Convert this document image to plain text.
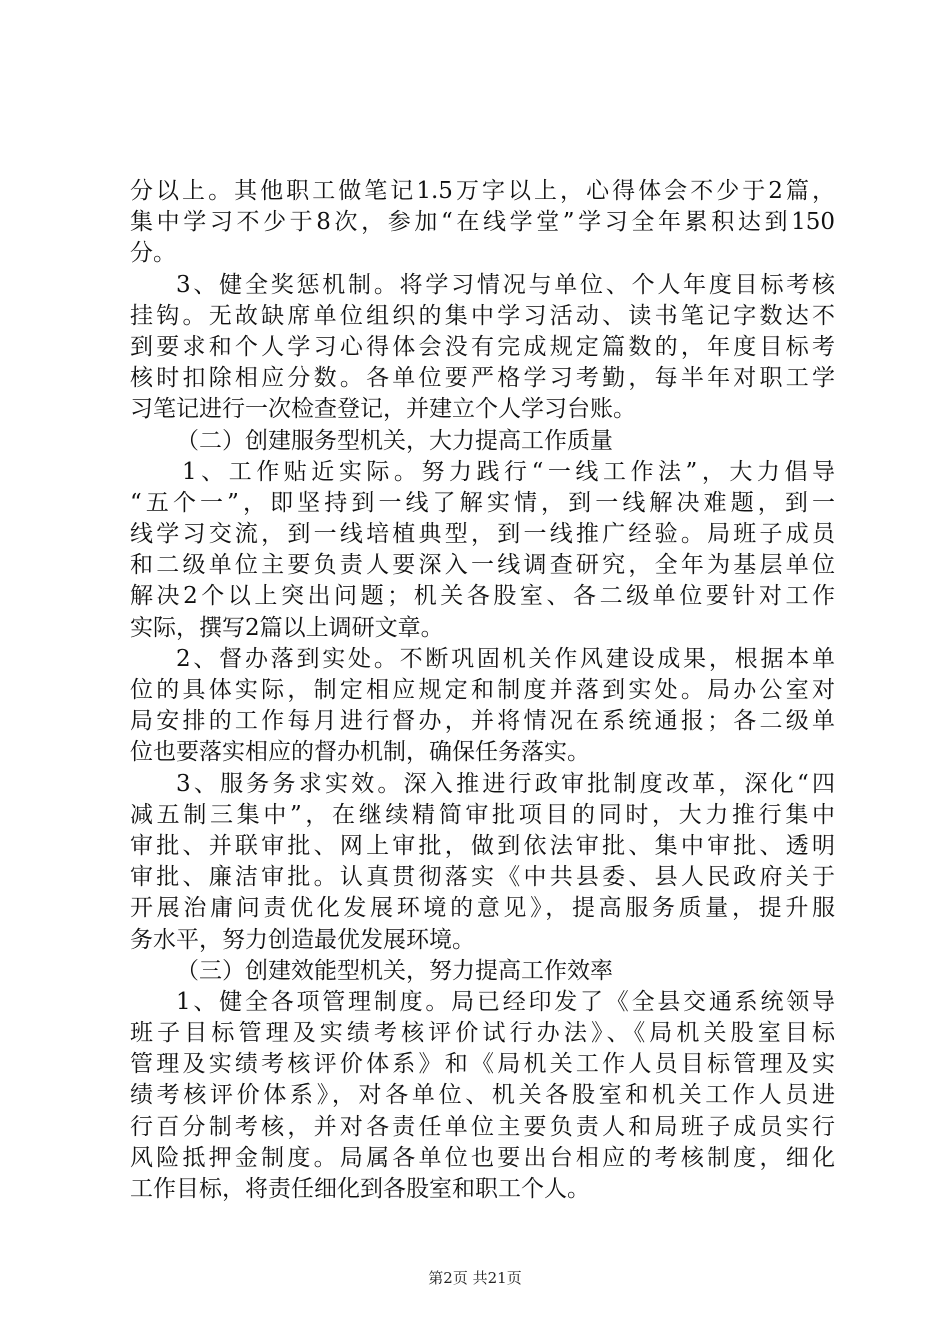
分以上。其他职工做笔记1.5万字以上，心得体会不少于2篇，
集中学习不少于8次，参加“在线学堂”学习全年累积达到150
分。
3、健全奖惩机制。将学习情况与单位、个人年度目标考核
挂钩。无故缺席单位组织的集中学习活动、读书笔记字数达不
到要求和个人学习心得体会没有完成规定篇数的，年度目标考
核时扣除相应分数。各单位要严格学习考勤，每半年对职工学
习笔记进行一次检查登记，并建立个人学习台账。
（二）创建服务型机关，大力提高工作质量
1、工作贴近实际。努力践行“一线工作法”，大力倡导
“五个一”，即坚持到一线了解实情，到一线解决难题，到一
线学习交流，到一线培植典型，到一线推广经验。局班子成员
和二级单位主要负责人要深入一线调查研究，全年为基层单位
解决2个以上突出问题；机关各股室、各二级单位要针对工作
实际，撰写2篇以上调研文章。
2、督办落到实处。不断巩固机关作风建设成果，根据本单
位的具体实际，制定相应规定和制度并落到实处。局办公室对
局安排的工作每月进行督办，并将情况在系统通报；各二级单
位也要落实相应的督办机制，确保任务落实。
3、服务务求实效。深入推进行政审批制度改革，深化“四
减五制三集中”，在继续精简审批项目的同时，大力推行集中
审批、并联审批、网上审批，做到依法审批、集中审批、透明
审批、廉洁审批。认真贯彻落实《中共县委、县人民政府关于
开展治庸问责优化发展环境的意见》，提高服务质量，提升服
务水平，努力创造最优发展环境。
（三）创建效能型机关，努力提高工作效率
1、健全各项管理制度。局已经印发了《全县交通系统领导
班子目标管理及实绩考核评价试行办法》、《局机关股室目标
管理及实绩考核评价体系》和《局机关工作人员目标管理及实
绩考核评价体系》，对各单位、机关各股室和机关工作人员进
行百分制考核，并对各责任单位主要负责人和局班子成员实行
风险抵押金制度。局属各单位也要出台相应的考核制度，细化
工作目标，将责任细化到各股室和职工个人。
第2页 共21页
